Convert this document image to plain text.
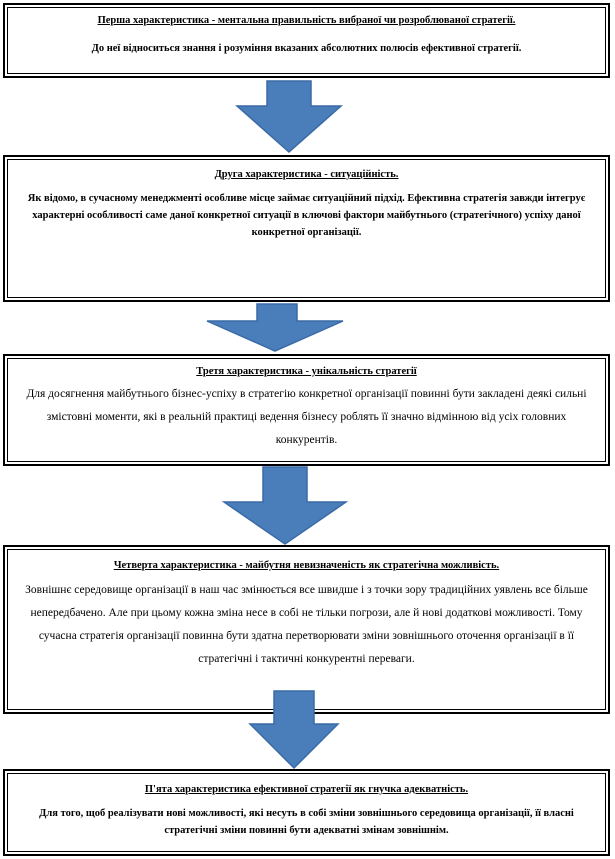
Перша характеристика - ментальна правильність вибраної чи розроблюваної стратегії.
До неї відноситься знання і розуміння вказаних абсолютних полюсів ефективної стратегії.
Друга характеристика - ситуаційність.
Як відомо, в сучасному менеджменті особливе місце займає ситуаційний підхід. Ефективна стратегія завжди інтегрує характерні особливості саме даної конкретної ситуації в ключові фактори майбутнього (стратегічного) успіху даної конкретної організації.
Третя характеристика - унікальність стратегії
Для досягнення майбутнього бізнес-успіху в стратегію конкретної організації повинні бути закладені деякі сильні змістовні моменти, які в реальній практиці ведення бізнесу роблять її значно відмінною від усіх головних конкурентів.
Четверта характеристика - майбутня невизначеність як стратегічна можливість.
Зовнішнє середовище організації в наш час змінюється все швидше і з точки зору традиційних уявлень все більше непередбачено. Але при цьому кожна зміна несе в собі не тільки погрози, але й нові додаткові можливості. Тому сучасна стратегія організації повинна бути здатна перетворювати зміни зовнішнього оточення організації в її стратегічні і тактичні конкурентні переваги.
П'ята характеристика ефективної стратегії як гнучка адекватність.
Для того, щоб реалізувати нові можливості, які несуть в собі зміни зовнішнього середовища організації, її власні стратегічні зміни повинні бути адекватні змінам зовнішнім.
